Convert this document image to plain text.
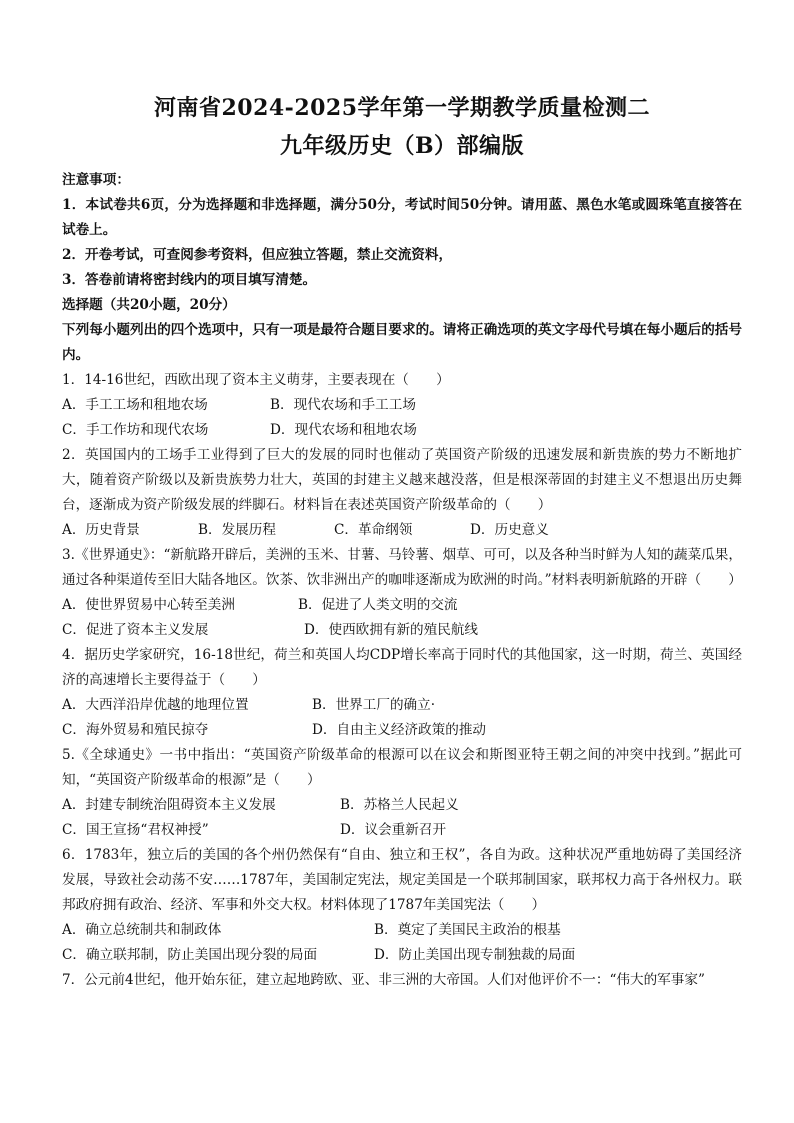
河南省2024-2025学年第一学期教学质量检测二

九年级历史（B）部编版

注意事项：

1．本试卷共6页，分为选择题和非选择题，满分50分，考试时间50分钟。请用蓝、黑色水笔或圆珠笔直接答在试卷上。

2．开卷考试，可查阅参考资料，但应独立答题，禁止交流资料，

3．答卷前请将密封线内的项目填写清楚。

选择题（共20小题，20分）

下列每小题列出的四个选项中，只有一项是最符合题目要求的。请将正确选项的英文字母代号填在每小题后的括号内。

1．14-16世纪，西欧出现了资本主义萌芽，主要表现在（　　）

A．手工工场和租地农场	B．现代农场和手工工场
C．手工作坊和现代农场	D．现代农场和租地农场

2．英国国内的工场手工业得到了巨大的发展的同时也催动了英国资产阶级的迅速发展和新贵族的势力不断地扩大，随着资产阶级以及新贵族势力壮大，英国的封建主义越来越没落，但是根深蒂固的封建主义不想退出历史舞台，逐渐成为资产阶级发展的绊脚石。材料旨在表述英国资产阶级革命的（　　）

A．历史背景	B．发展历程	C．革命纲领	D．历史意义

3.《世界通史》：“新航路开辟后，美洲的玉米、甘薯、马铃薯、烟草、可可，以及各种当时鲜为人知的蔬菜瓜果，通过各种渠道传至旧大陆各地区。饮茶、饮非洲出产的咖啡逐渐成为欧洲的时尚。”材料表明新航路的开辟（　　）

A．使世界贸易中心转至美洲	B．促进了人类文明的交流
C．促进了资本主义发展	D．使西欧拥有新的殖民航线

4．据历史学家研究，16-18世纪，荷兰和英国人均CDP增长率高于同时代的其他国家，这一时期，荷兰、英国经济的高速增长主要得益于（　　）

A．大西洋沿岸优越的地理位置	B．世界工厂的确立·
C．海外贸易和殖民掠夺	D．自由主义经济政策的推动

5.《全球通史》一书中指出：“英国资产阶级革命的根源可以在议会和斯图亚特王朝之间的冲突中找到。”据此可知，“英国资产阶级革命的根源”是（　　）

A．封建专制统治阻碍资本主义发展	B．苏格兰人民起义
C．国王宣扬“君权神授”	D．议会重新召开

6．1783年，独立后的美国的各个州仍然保有“自由、独立和王权”，各自为政。这种状况严重地妨碍了美国经济发展，导致社会动荡不安……1787年，美国制定宪法，规定美国是一个联邦制国家，联邦权力高于各州权力。联邦政府拥有政治、经济、军事和外交大权。材料体现了1787年美国宪法（　　）

A．确立总统制共和制政体	B．奠定了美国民主政治的根基
C．确立联邦制，防止美国出现分裂的局面	D．防止美国出现专制独裁的局面

7．公元前4世纪，他开始东征，建立起地跨欧、亚、非三洲的大帝国。人们对他评价不一：“伟大的军事家”
